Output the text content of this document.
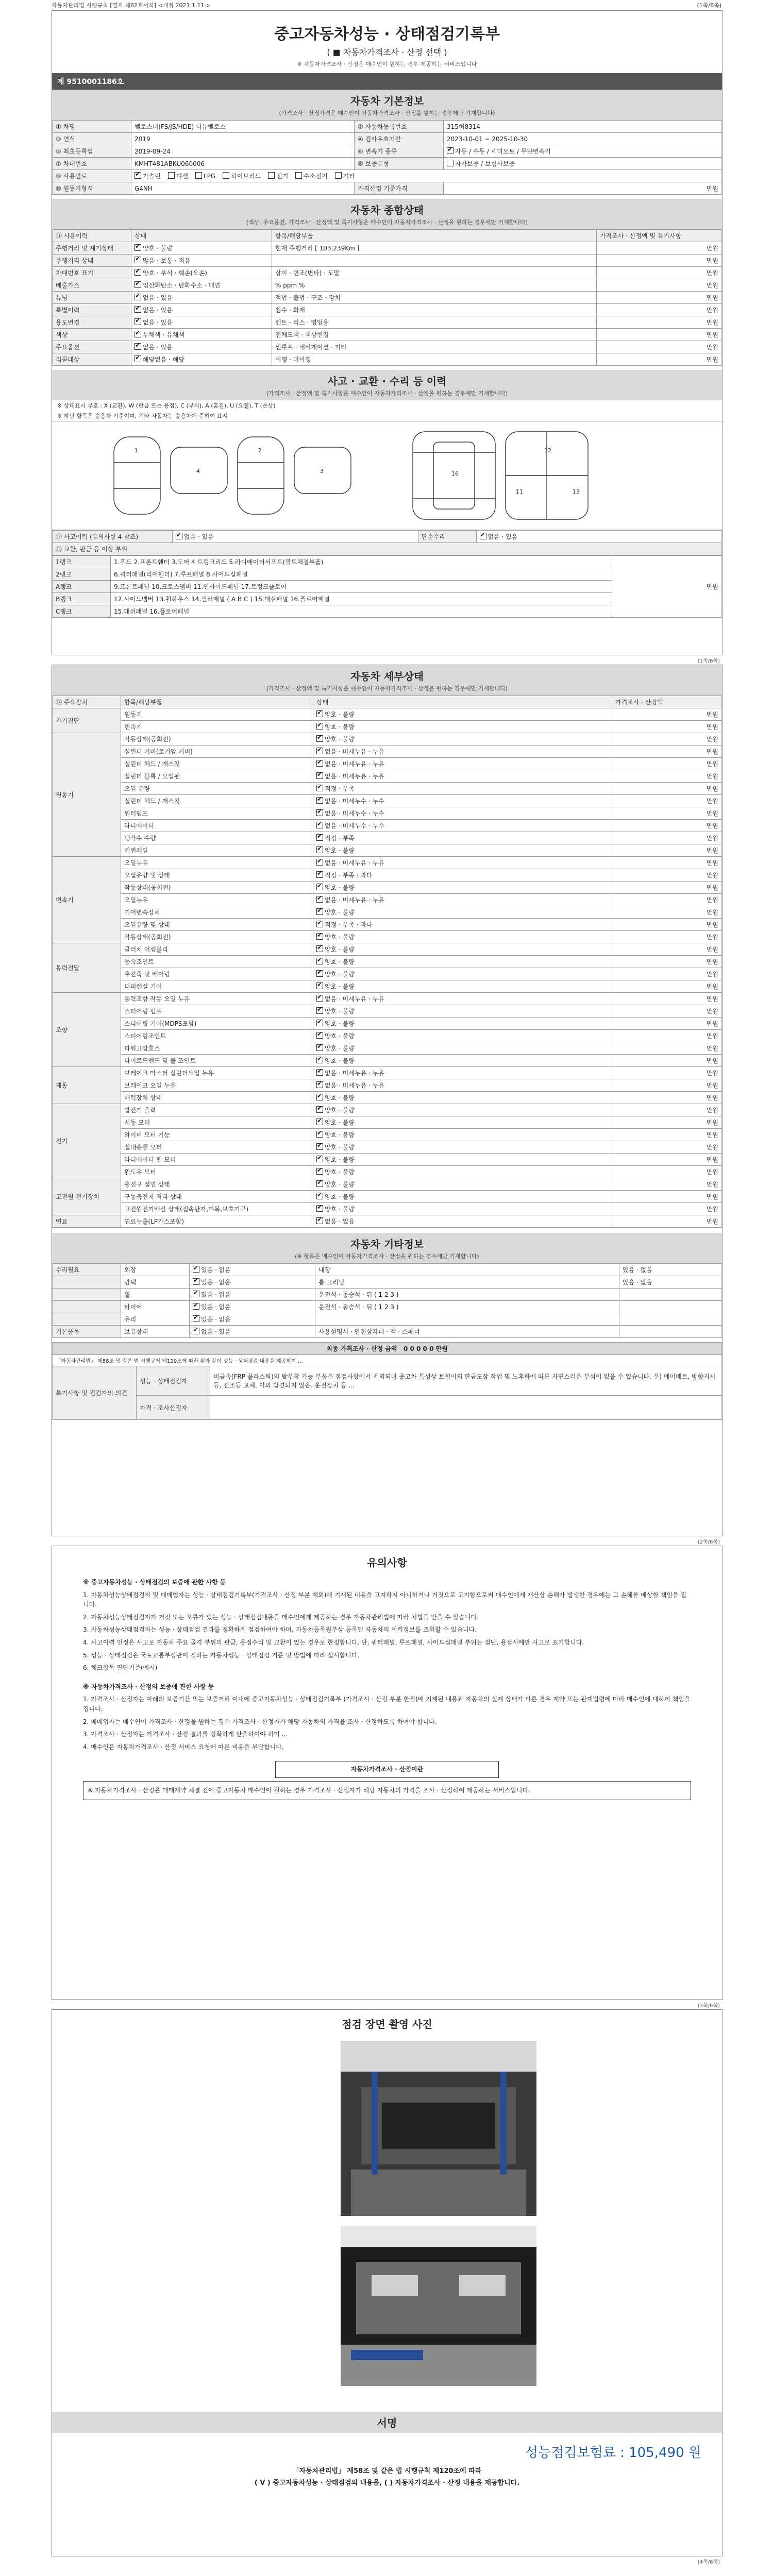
자동차관리법 시행규칙 [별지 제82호서식] <개정 2021.1.11.>	(1쪽/6쪽)
중고자동차성능 · 상태점검기록부
( ■ 자동차가격조사 · 산정 선택 )
※ 자동차가격조사 · 산정은 매수인이 원하는 경우 제공하는 서비스입니다
제 9510001186호
자동차 기본정보
(가격조사 · 산정가격은 매수인이 자동차가격조사 · 산정을 원하는 경우에만 기재합니다)
① 차명	벨로스터(FS/JS/HDE) 더뉴벨로스	② 자동차등록번호	315허8314
③ 연식	2019	④ 검사유효기간	2023-10-01 ~ 2025-10-30
⑤ 최초등록일	2019-09-24	⑥ 변속기 종류	✔자동 / 수동 / 세미오토 / 무단변속기
⑦ 차대번호	KMHT481ABKU060006	⑧ 보증유형	자가보증 / 보험사보증
⑨ 사용연료	✔가솔린 디젤 LPG 하이브리드 전기 수소전기 기타
⑩ 원동기형식	G4NH	가격산정 기준가격	만원
자동차 종합상태
(색상, 주요옵션, 가격조사 · 산정액 및 특기사항은 매수인이 자동차가격조사 · 산정을 원하는 경우에만 기재합니다)
⑪ 사용이력	상태	항목/해당부품	가격조사 · 산정액 및 특기사항
주행거리 및 계기상태	✔양호 · 불량	현재 주행거리 [ 103,239Km ]	만원
주행거리 상태	✔많음 · 보통 · 적음		만원
차대번호 표기	✔양호 · 부식 · 훼손(오손)	상이 · 변조(변타) · 도말	만원
배출가스	✔일산화탄소 · 탄화수소 · 매연	% ppm %	만원
튜닝	✔없음 · 있음	적법 · 불법 · 구조 · 장치	만원
특별이력	✔없음 · 있음	침수 · 화재	만원
용도변경	✔없음 · 있음	렌트 · 리스 · 영업용	만원
색상	✔무채색 · 유채색	전체도색 · 색상변경	만원
주요옵션	✔없음 · 있음	썬루프 · 네비게이션 · 기타	만원
리콜대상	✔해당없음 · 해당	이행 · 미이행	만원
사고 · 교환 · 수리 등 이력
(가격조사 · 산정액 및 특기사항은 매수인이 자동차가격조사 · 산정을 원하는 경우에만 기재합니다)
※ 상태표시 부호 : X (교환), W (판금 또는 용접), C (부식), A (흠집), U (요철), T (손상)
※ 하단 항목은 승용차 기준이며, 기타 자동차는 승용차에 준하여 표시
1	2
4	3	16
12
11	13
⑫ 사고이력 (유의사항 4 참조)	✔없음 · 있음	단순수리	✔없음 · 있음
⑬ 교환, 판금 등 이상 부위
1랭크	1.후드 2.프론트휀더 3.도어 4.트렁크리드 5.라디에이터서포트(볼트체결부품)	만원
2랭크	6.쿼터패널(리어휀더) 7.루프패널 8.사이드실패널	
A랭크	9.프론트패널 10.크로스멤버 11.인사이드패널 17.트렁크플로어	
B랭크	12.사이드멤버 13.휠하우스 14.필러패널 ( A B C ) 15.대쉬패널 16.플로어패널	
C랭크	15.대쉬패널 16.플로어패널	
(1쪽/6쪽)
자동차 세부상태
(가격조사 · 산정액 및 특기사항은 매수인이 자동차가격조사 · 산정을 원하는 경우에만 기재합니다)
⑭ 주요장치	항목/해당부품	상태	가격조사 · 산정액
자기진단	원동기	✔양호 · 불량	만원
	변속기	✔양호 · 불량	만원
원동기	작동상태(공회전)	✔양호 · 불량	만원
	실린더 커버(로커암 커버)	✔없음 · 미세누유 · 누유	만원
	실린더 헤드 / 개스킷	✔없음 · 미세누유 · 누유	만원
	실린더 블록 / 오일팬	✔없음 · 미세누유 · 누유	만원
	오일 유량	✔적정 · 부족	만원
	실린더 헤드 / 개스킷	✔없음 · 미세누수 · 누수	만원
	워터펌프	✔없음 · 미세누수 · 누수	만원
	라디에이터	✔없음 · 미세누수 · 누수	만원
	냉각수 수량	✔적정 · 부족	만원
	커먼레일	✔양호 · 불량	만원
변속기	오일누유	✔없음 · 미세누유 · 누유	만원
	오일유량 및 상태	✔적정 · 부족 · 과다	만원
	작동상태(공회전)	✔양호 · 불량	만원
	오일누유	✔없음 · 미세누유 · 누유	만원
	기어변속장치	✔양호 · 불량	만원
	오일유량 및 상태	✔적정 · 부족 · 과다	만원
	작동상태(공회전)	✔양호 · 불량	만원
동력전달	클러치 어셈블리	✔양호 · 불량	만원
	등속조인트	✔양호 · 불량	만원
	추진축 및 베어링	✔양호 · 불량	만원
	디퍼렌셜 기어	✔양호 · 불량	만원
조향	동력조향 작동 오일 누유	✔없음 · 미세누유 · 누유	만원
	스티어링 펌프	✔양호 · 불량	만원
	스티어링 기어(MDPS포함)	✔양호 · 불량	만원
	스티어링조인트	✔양호 · 불량	만원
	파워고압호스	✔양호 · 불량	만원
	타이로드엔드 및 볼 조인트	✔양호 · 불량	만원
제동	브레이크 마스터 실린더오일 누유	✔없음 · 미세누유 · 누유	만원
	브레이크 오일 누유	✔없음 · 미세누유 · 누유	만원
	배력장치 상태	✔양호 · 불량	만원
전기	발전기 출력	✔양호 · 불량	만원
	시동 모터	✔양호 · 불량	만원
	와이퍼 모터 기능	✔양호 · 불량	만원
	실내송풍 모터	✔양호 · 불량	만원
	라디에이터 팬 모터	✔양호 · 불량	만원
	윈도우 모터	✔양호 · 불량	만원
고전원 전기장치	충전구 절연 상태	✔양호 · 불량	만원
	구동축전지 격리 상태	✔양호 · 불량	만원
	고전원전기배선 상태(접속단자,피복,보호기구)	✔양호 · 불량	만원
연료	연료누출(LP가스포함)	✔없음 · 있음	만원
자동차 기타정보
(※ 항목은 매수인이 자동차가격조사 · 산정을 원하는 경우에만 기재합니다)
수리필요	외장	✔있음 · 없음	내장	있음 · 없음
	광택	✔있음 · 없음	룸 크리닝	있음 · 없음
	휠	✔있음 · 없음	운전석 · 동승석 · 뒤 ( 1 2 3 )	
	타이어	✔있음 · 없음	운전석 · 동승석 · 뒤 ( 1 2 3 )	
	유리	✔있음 · 없음		
기본품목	보유상태	✔없음 · 있음	사용설명서 · 안전삼각대 · 잭 · 스패너	
최종 가격조사 · 산정 금액 0 0 0 0 0 만원		
「자동차관리법」 제58조 및 같은 법 시행규칙 제120조에 따라 위와 같이 성능 · 상태점검 내용을 제공하며 ...		
특기사항 및 점검자의 의견	성능 · 상태점검자	비금속(FRP 플라스틱)의 탈부착 가능 부품은 점검사항에서 제외되며 중고차 특성상 보험이외 판금도장 작업 및 노후화에 따른 자연스러운 부식이 있을 수 있습니다. 문) 에어매트, 방향지시등, 전조등 교체, 이외 발견되지 않음. 운전장치 등 ...
	가격 · 조사산정자	
(2쪽/6쪽)
유의사항

※ 중고자동차성능 · 상태점검의 보증에 관한 사항 등

1. 자동차성능상태점검자 및 매매업자는 성능 · 상태점검기록부(가격조사 · 산정 부분 제외)에 기재된 내용을 고지하지 아니하거나 거짓으로 고지함으로써 매수인에게 재산상 손해가 발생한 경우에는 그 손해를 배상할 책임을 집니다.

2. 자동차성능상태점검자가 거짓 또는 오류가 있는 성능 · 상태점검내용을 매수인에게 제공하는 경우 자동차관리법에 따라 처벌을 받을 수 있습니다.

3. 자동차성능상태점검자는 성능 · 상태점검 결과를 정확하게 점검하여야 하며, 자동차등록원부상 등록된 자동차의 이력정보를 조회할 수 있습니다.

4. 사고이력 인정은 사고로 자동차 주요 골격 부위의 판금, 용접수리 및 교환이 있는 경우로 한정합니다. 단, 쿼터패널, 루프패널, 사이드실패널 부위는 절단, 용접시에만 사고로 표기합니다.

5. 성능 · 상태점검은 국토교통부장관이 정하는 자동차성능 · 상태점검 기준 및 방법에 따라 실시합니다.

6. 체크항목 판단기준(예시)

※ 자동차가격조사 · 산정의 보증에 관한 사항 등

1. 가격조사 · 산정자는 아래의 보증기간 또는 보증거리 이내에 중고자동차성능 · 상태점검기록부 (가격조사 · 산정 부분 한정)에 기재된 내용과 자동차의 실제 상태가 다른 경우 계약 또는 관계법령에 따라 매수인에 대하여 책임을 집니다.

2. 매매업자는 매수인이 가격조사 · 산정을 원하는 경우 가격조사 · 산정자가 해당 자동차의 가격을 조사 · 산정하도록 하여야 합니다.

3. 가격조사 · 산정자는 가격조사 · 산정 결과를 정확하게 산출하여야 하며 ...

4. 매수인은 자동차가격조사 · 산정 서비스 요청에 따른 비용을 부담합니다.

자동차가격조사 · 산정이란
※ 자동차가격조사 · 산정은 매매계약 체결 전에 중고자동차 매수인이 원하는 경우 가격조사 · 산정자가 해당 자동차의 가격을 조사 · 산정하여 제공하는 서비스입니다.
(3쪽/6쪽)
점검 장면 촬영 사진
서명
성능점검보험료 : 105,490 원
「자동차관리법」 제58조 및 같은 법 시행규칙 제120조에 따라
( V ) 중고자동차성능 · 상태점검의 내용을, ( ) 자동차가격조사 · 산정 내용을 제공합니다.
(4쪽/6쪽)
